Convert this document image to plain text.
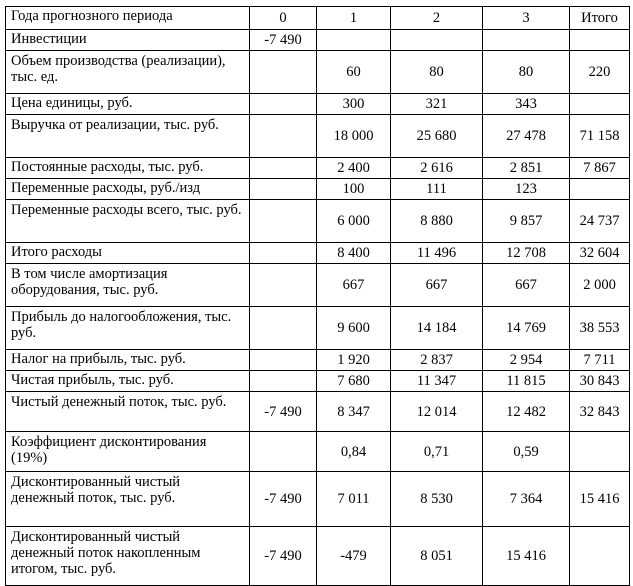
Года прогнозного периода	0	1	2	3	Итого
Инвестиции	-7 490				
Объем производства (реализации), тыс. ед.		60	80	80	220
Цена единицы, руб.		300	321	343	
Выручка от реализации, тыс. руб.		18 000	25 680	27 478	71 158
Постоянные расходы, тыс. руб.		2 400	2 616	2 851	7 867
Переменные расходы, руб./изд		100	111	123	
Переменные расходы всего, тыс. руб.		6 000	8 880	9 857	24 737
Итого расходы		8 400	11 496	12 708	32 604
В том числе амортизация оборудования, тыс. руб.		667	667	667	2 000
Прибыль до налогообложения, тыс. руб.		9 600	14 184	14 769	38 553
Налог на прибыль, тыс. руб.		1 920	2 837	2 954	7 711
Чистая прибыль, тыс. руб.		7 680	11 347	11 815	30 843
Чистый денежный поток, тыс. руб.	-7 490	8 347	12 014	12 482	32 843
Коэффициент дисконтирования (19%)		0,84	0,71	0,59	
Дисконтированный чистый денежный поток, тыс. руб.	-7 490	7 011	8 530	7 364	15 416
Дисконтированный чистый денежный поток накопленным итогом, тыс. руб.	-7 490	-479	8 051	15 416	
